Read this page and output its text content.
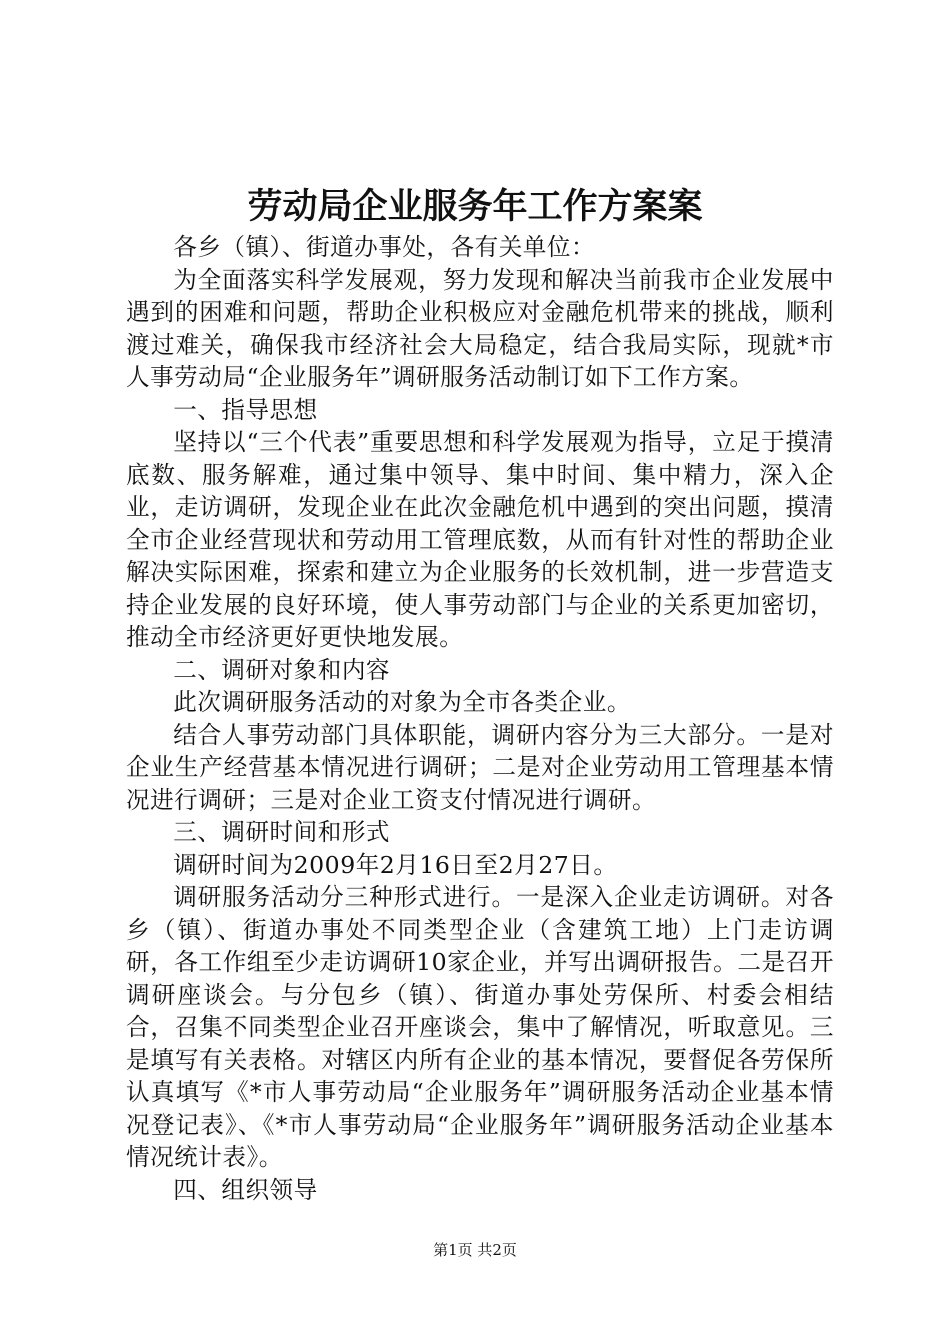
劳动局企业服务年工作方案案

各乡（镇）、街道办事处，各有关单位：

为全面落实科学发展观，努力发现和解决当前我市企业发展中遇到的困难和问题，帮助企业积极应对金融危机带来的挑战，顺利渡过难关，确保我市经济社会大局稳定，结合我局实际，现就*市人事劳动局“企业服务年”调研服务活动制订如下工作方案。

一、指导思想

坚持以“三个代表”重要思想和科学发展观为指导，立足于摸清底数、服务解难，通过集中领导、集中时间、集中精力，深入企业，走访调研，发现企业在此次金融危机中遇到的突出问题，摸清全市企业经营现状和劳动用工管理底数，从而有针对性的帮助企业解决实际困难，探索和建立为企业服务的长效机制，进一步营造支持企业发展的良好环境，使人事劳动部门与企业的关系更加密切，推动全市经济更好更快地发展。

二、调研对象和内容

此次调研服务活动的对象为全市各类企业。

结合人事劳动部门具体职能，调研内容分为三大部分。一是对企业生产经营基本情况进行调研；二是对企业劳动用工管理基本情况进行调研；三是对企业工资支付情况进行调研。

三、调研时间和形式

调研时间为2009年2月16日至2月27日。

调研服务活动分三种形式进行。一是深入企业走访调研。对各乡（镇）、街道办事处不同类型企业（含建筑工地）上门走访调研，各工作组至少走访调研10家企业，并写出调研报告。二是召开调研座谈会。与分包乡（镇）、街道办事处劳保所、村委会相结合，召集不同类型企业召开座谈会，集中了解情况，听取意见。三是填写有关表格。对辖区内所有企业的基本情况，要督促各劳保所认真填写《*市人事劳动局“企业服务年”调研服务活动企业基本情况登记表》、《*市人事劳动局“企业服务年”调研服务活动企业基本情况统计表》。

四、组织领导

第1页 共2页
